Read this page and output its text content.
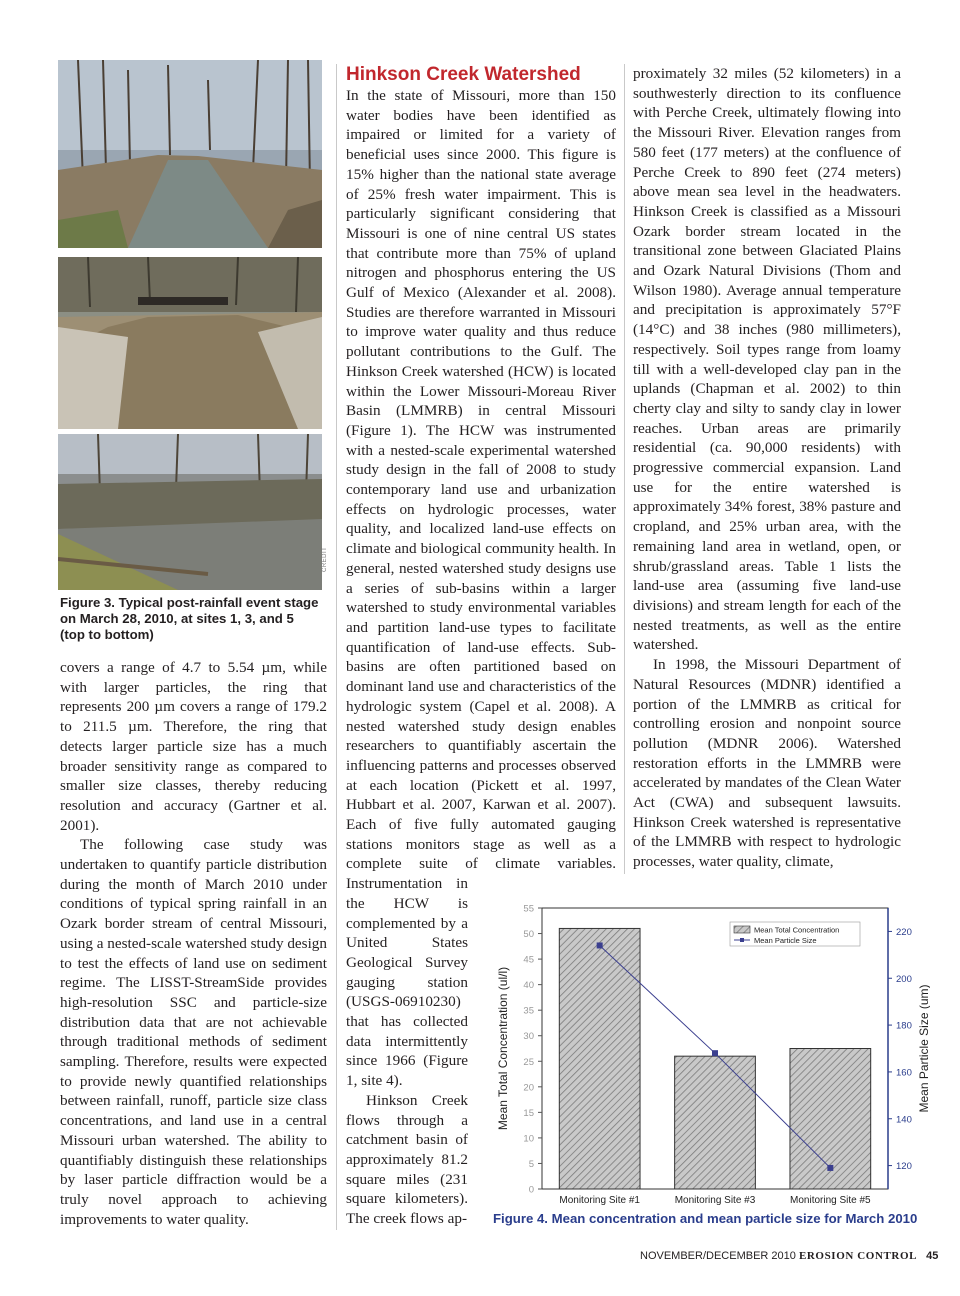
CREDIT
Figure 3. Typical post-rainfall event stage on March 28, 2010, at sites 1, 3, and 5 (top to bottom)

covers a range of 4.7 to 5.54 µm, while with larger particles, the ring that represents 200 µm covers a range of 179.2 to 211.5 µm. Therefore, the ring that detects larger particle size has a much broader sensitivity range as compared to smaller size classes, thereby reducing resolution and accuracy (Gartner et al. 2001).

The following case study was undertaken to quantify particle distribution during the month of March 2010 under conditions of typical spring rainfall in an Ozark border stream of central Missouri, using a nested-scale watershed study design to test the effects of land use on sediment regime. The LISST-StreamSide provides high-resolution SSC and particle-size distribution data that are not achievable through traditional methods of sediment sampling. Therefore, results were expected to provide newly quantified relationships between rainfall, runoff, particle size class concentrations, and land use in a central Missouri urban watershed. The ability to quantifiably distinguish these relationships by laser particle diffraction would be a truly novel approach to achieving improvements to water quality.

Hinkson Creek Watershed

In the state of Missouri, more than 150 water bodies have been identified as impaired or limited for a variety of beneficial uses since 2000. This figure is 15% higher than the national state average of 25% fresh water impairment. This is particularly significant considering that Missouri is one of nine central US states that contribute more than 75% of upland nitrogen and phosphorus entering the US Gulf of Mexico (Alexander et al. 2008). Studies are therefore warranted in Missouri to improve water quality and thus reduce pollutant contributions to the Gulf. The Hinkson Creek watershed (HCW) is located within the Lower Missouri-Moreau River Basin (LMMRB) in central Missouri (Figure 1). The HCW was instrumented with a nested-scale experimental watershed study design in the fall of 2008 to study contemporary land use and urbanization effects on hydrologic processes, water quality, and localized land-use effects on climate and biological community health. In general, nested watershed study designs use a series of sub-basins within a larger watershed to study environmental variables and partition land-use types to facilitate quantification of land-use effects. Sub-basins are often partitioned based on dominant land use and characteristics of the hydrologic system (Capel et al. 2008). A nested watershed study design enables researchers to quantifiably ascertain the influencing patterns and processes observed at each location (Pickett et al. 1997, Hubbart et al. 2007, Karwan et al. 2007). Each of five fully automated gauging stations monitors stage as well as a complete suite of climate variables. Instrumentation in the HCW is complemented by a United States Geological Survey gauging station (USGS-06910230) that has collected data intermittently since 1966 (Figure 1, site 4).

Hinkson Creek flows through a catchment basin of approximately 81.2 square miles (231 square kilometers). The creek flows ap-

proximately 32 miles (52 kilometers) in a southwesterly direction to its confluence with Perche Creek, ultimately flowing into the Missouri River. Elevation ranges from 580 feet (177 meters) at the confluence of Perche Creek to 890 feet (274 meters) above mean sea level in the headwaters. Hinkson Creek is classified as a Missouri Ozark border stream located in the transitional zone between Glaciated Plains and Ozark Natural Divisions (Thom and Wilson 1980). Average annual temperature and precipitation is approximately 57°F (14°C) and 38 inches (980 millimeters), respectively. Soil types range from loamy till with a well-developed clay pan in the uplands (Chapman et al. 2002) to thin cherty clay and silty to sandy clay in lower reaches. Urban areas are primarily residential (ca. 90,000 residents) with progressive commercial expansion. Land use for the entire watershed is approximately 34% forest, 38% pasture and cropland, and 25% urban area, with the remaining land area in wetland, open, or shrub/grassland areas. Table 1 lists the land-use area (assuming five land-use divisions) and stream length for each of the nested treatments, as well as the entire watershed.

In 1998, the Missouri Department of Natural Resources (MDNR) identified a portion of the LMMRB as critical for controlling erosion and nonpoint source pollution (MDNR 2006). Watershed restoration efforts in the LMMRB were accelerated by mandates of the Clean Water Act (CWA) and subsequent lawsuits. Hinkson Creek watershed is representative of the LMMRB with respect to hydrologic processes, water quality, climate,

0
5
10
15
20
25
30
35
40
45
50
55
120
140
160
180
200
220
Monitoring Site #1	Monitoring Site #3	Monitoring Site #5
Mean Total Concentration (ul/l)	Mean Particle Size (um)
Mean Total Concentration
Mean Particle Size
Figure 4. Mean concentration and mean particle size for March 2010
NOVEMBER/DECEMBER 2010 EROSION CONTROL 45
